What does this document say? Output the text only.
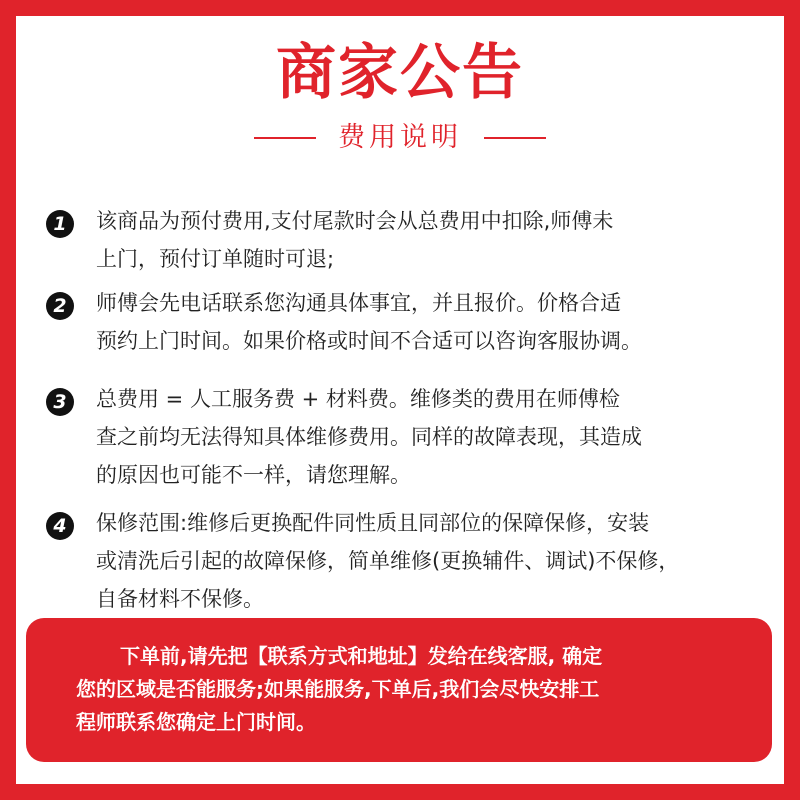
商家公告
费用说明
1	该商品为预付费用,支付尾款时会从总费用中扣除,师傅未
上门，预付订单随时可退;
2	师傅会先电话联系您沟通具体事宜，并且报价。价格合适
预约上门时间。如果价格或时间不合适可以咨询客服协调。
3	总费用 = 人工服务费 + 材料费。维修类的费用在师傅检
查之前均无法得知具体维修费用。同样的故障表现，其造成
的原因也可能不一样，请您理解。
4	保修范围:维修后更换配件同性质且同部位的保障保修，安装
或清洗后引起的故障保修，简单维修(更换辅件、调试)不保修，
自备材料不保修。
下单前,请先把【联系方式和地址】发给在线客服, 确定
您的区域是否能服务;如果能服务,下单后,我们会尽快安排工
程师联系您确定上门时间。
